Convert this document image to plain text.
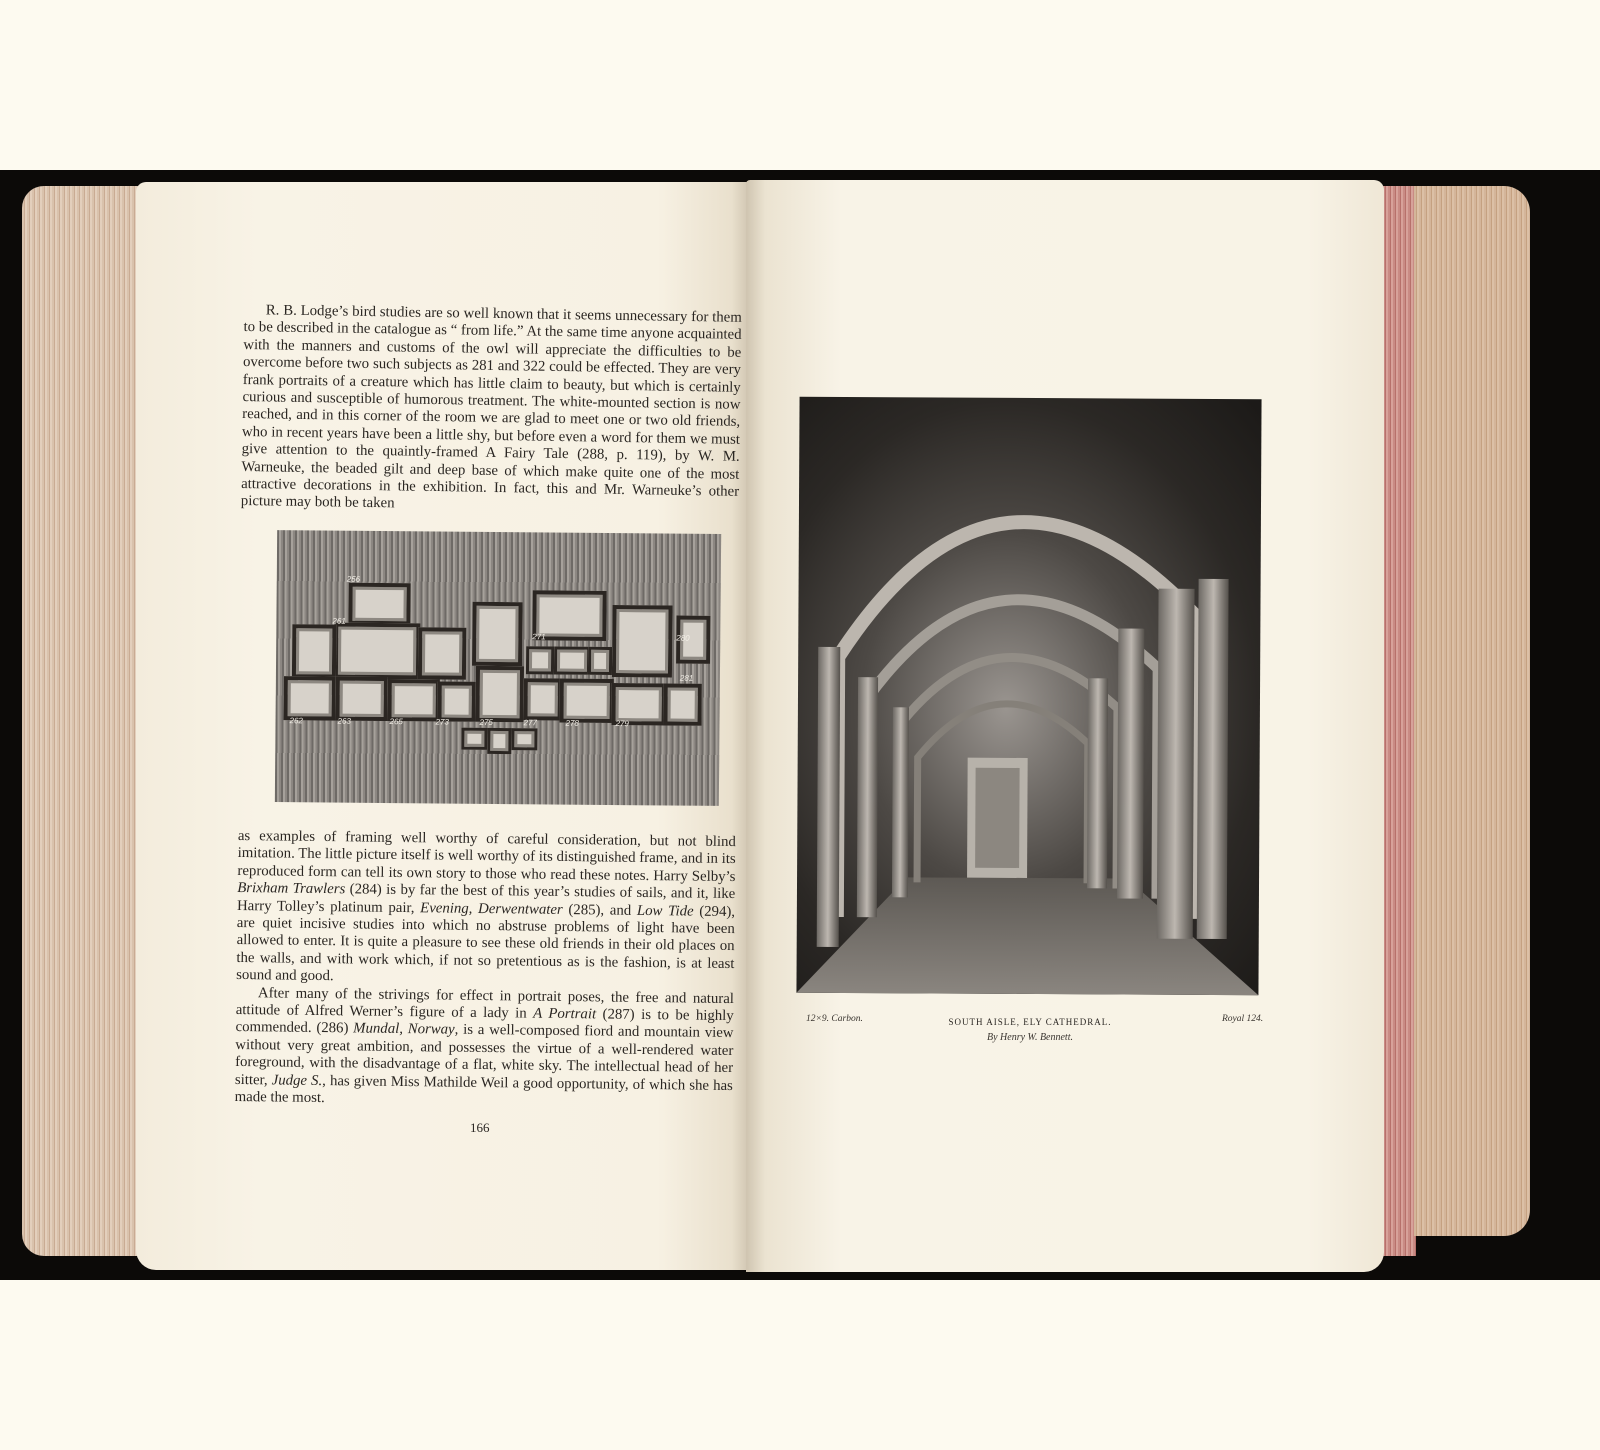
R. B. Lodge’s bird studies are so well known that it seems unnecessary for them to be described in the catalogue as “ from life.” At the same time anyone acquainted with the manners and customs of the owl will appreciate the difficulties to be overcome before two such subjects as 281 and 322 could be effected. They are very frank portraits of a creature which has little claim to beauty, but which is certainly curious and susceptible of humorous treatment. The white-mounted section is now reached, and in this corner of the room we are glad to meet one or two old friends, who in recent years have been a little shy, but before even a word for them we must give attention to the quaintly-framed A Fairy Tale (288, p. 119), by W. M. Warneuke, the beaded gilt and deep base of which make quite one of the most attractive decorations in the exhibition. In fact, this and Mr. Warneuke’s other picture may both be taken

256
261
262	263	265	273	275	277	278	279
280
281
271

as examples of framing well worthy of careful consideration, but not blind imitation. The little picture itself is well worthy of its distinguished frame, and in its reproduced form can tell its own story to those who read these notes. Harry Selby’s Brixham Trawlers (284) is by far the best of this year’s studies of sails, and it, like Harry Tolley’s platinum pair, Evening, Derwentwater (285), and Low Tide (294), are quiet incisive studies into which no abstruse problems of light have been allowed to enter. It is quite a pleasure to see these old friends in their old places on the walls, and with work which, if not so pretentious as is the fashion, is at least sound and good.

After many of the strivings for effect in portrait poses, the free and natural attitude of Alfred Werner’s figure of a lady in A Portrait (287) is to be highly commended. (286) Mundal, Norway, is a well-composed fiord and mountain view without very great ambition, and possesses the virtue of a well-rendered water foreground, with the disadvantage of a flat, white sky. The intellectual head of her sitter, Judge S., has given Miss Mathilde Weil a good opportunity, of which she has made the most.

166
12×9. Carbon.	SOUTH AISLE, ELY CATHEDRAL.	Royal 124.
By Henry W. Bennett.
